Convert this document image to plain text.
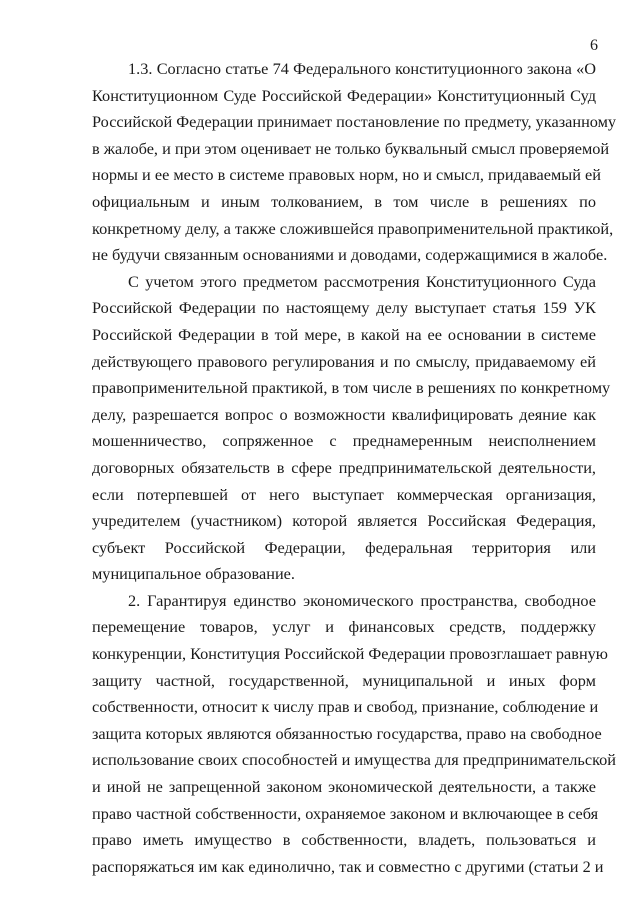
6
1.3. Согласно статье 74 Федерального конституционного закона «О
Конституционном Суде Российской Федерации» Конституционный Суд
Российской Федерации принимает постановление по предмету, указанному
в жалобе, и при этом оценивает не только буквальный смысл проверяемой
нормы и ее место в системе правовых норм, но и смысл, придаваемый ей
официальным и иным толкованием, в том числе в решениях по
конкретному делу, а также сложившейся правоприменительной практикой,
не будучи связанным основаниями и доводами, содержащимися в жалобе.
С учетом этого предметом рассмотрения Конституционного Суда
Российской Федерации по настоящему делу выступает статья 159 УК
Российской Федерации в той мере, в какой на ее основании в системе
действующего правового регулирования и по смыслу, придаваемому ей
правоприменительной практикой, в том числе в решениях по конкретному
делу, разрешается вопрос о возможности квалифицировать деяние как
мошенничество, сопряженное с преднамеренным неисполнением
договорных обязательств в сфере предпринимательской деятельности,
если потерпевшей от него выступает коммерческая организация,
учредителем (участником) которой является Российская Федерация,
субъект Российской Федерации, федеральная территория или
муниципальное образование.
2. Гарантируя единство экономического пространства, свободное
перемещение товаров, услуг и финансовых средств, поддержку
конкуренции, Конституция Российской Федерации провозглашает равную
защиту частной, государственной, муниципальной и иных форм
собственности, относит к числу прав и свобод, признание, соблюдение и
защита которых являются обязанностью государства, право на свободное
использование своих способностей и имущества для предпринимательской
и иной не запрещенной законом экономической деятельности, а также
право частной собственности, охраняемое законом и включающее в себя
право иметь имущество в собственности, владеть, пользоваться и
распоряжаться им как единолично, так и совместно с другими (статьи 2 и
